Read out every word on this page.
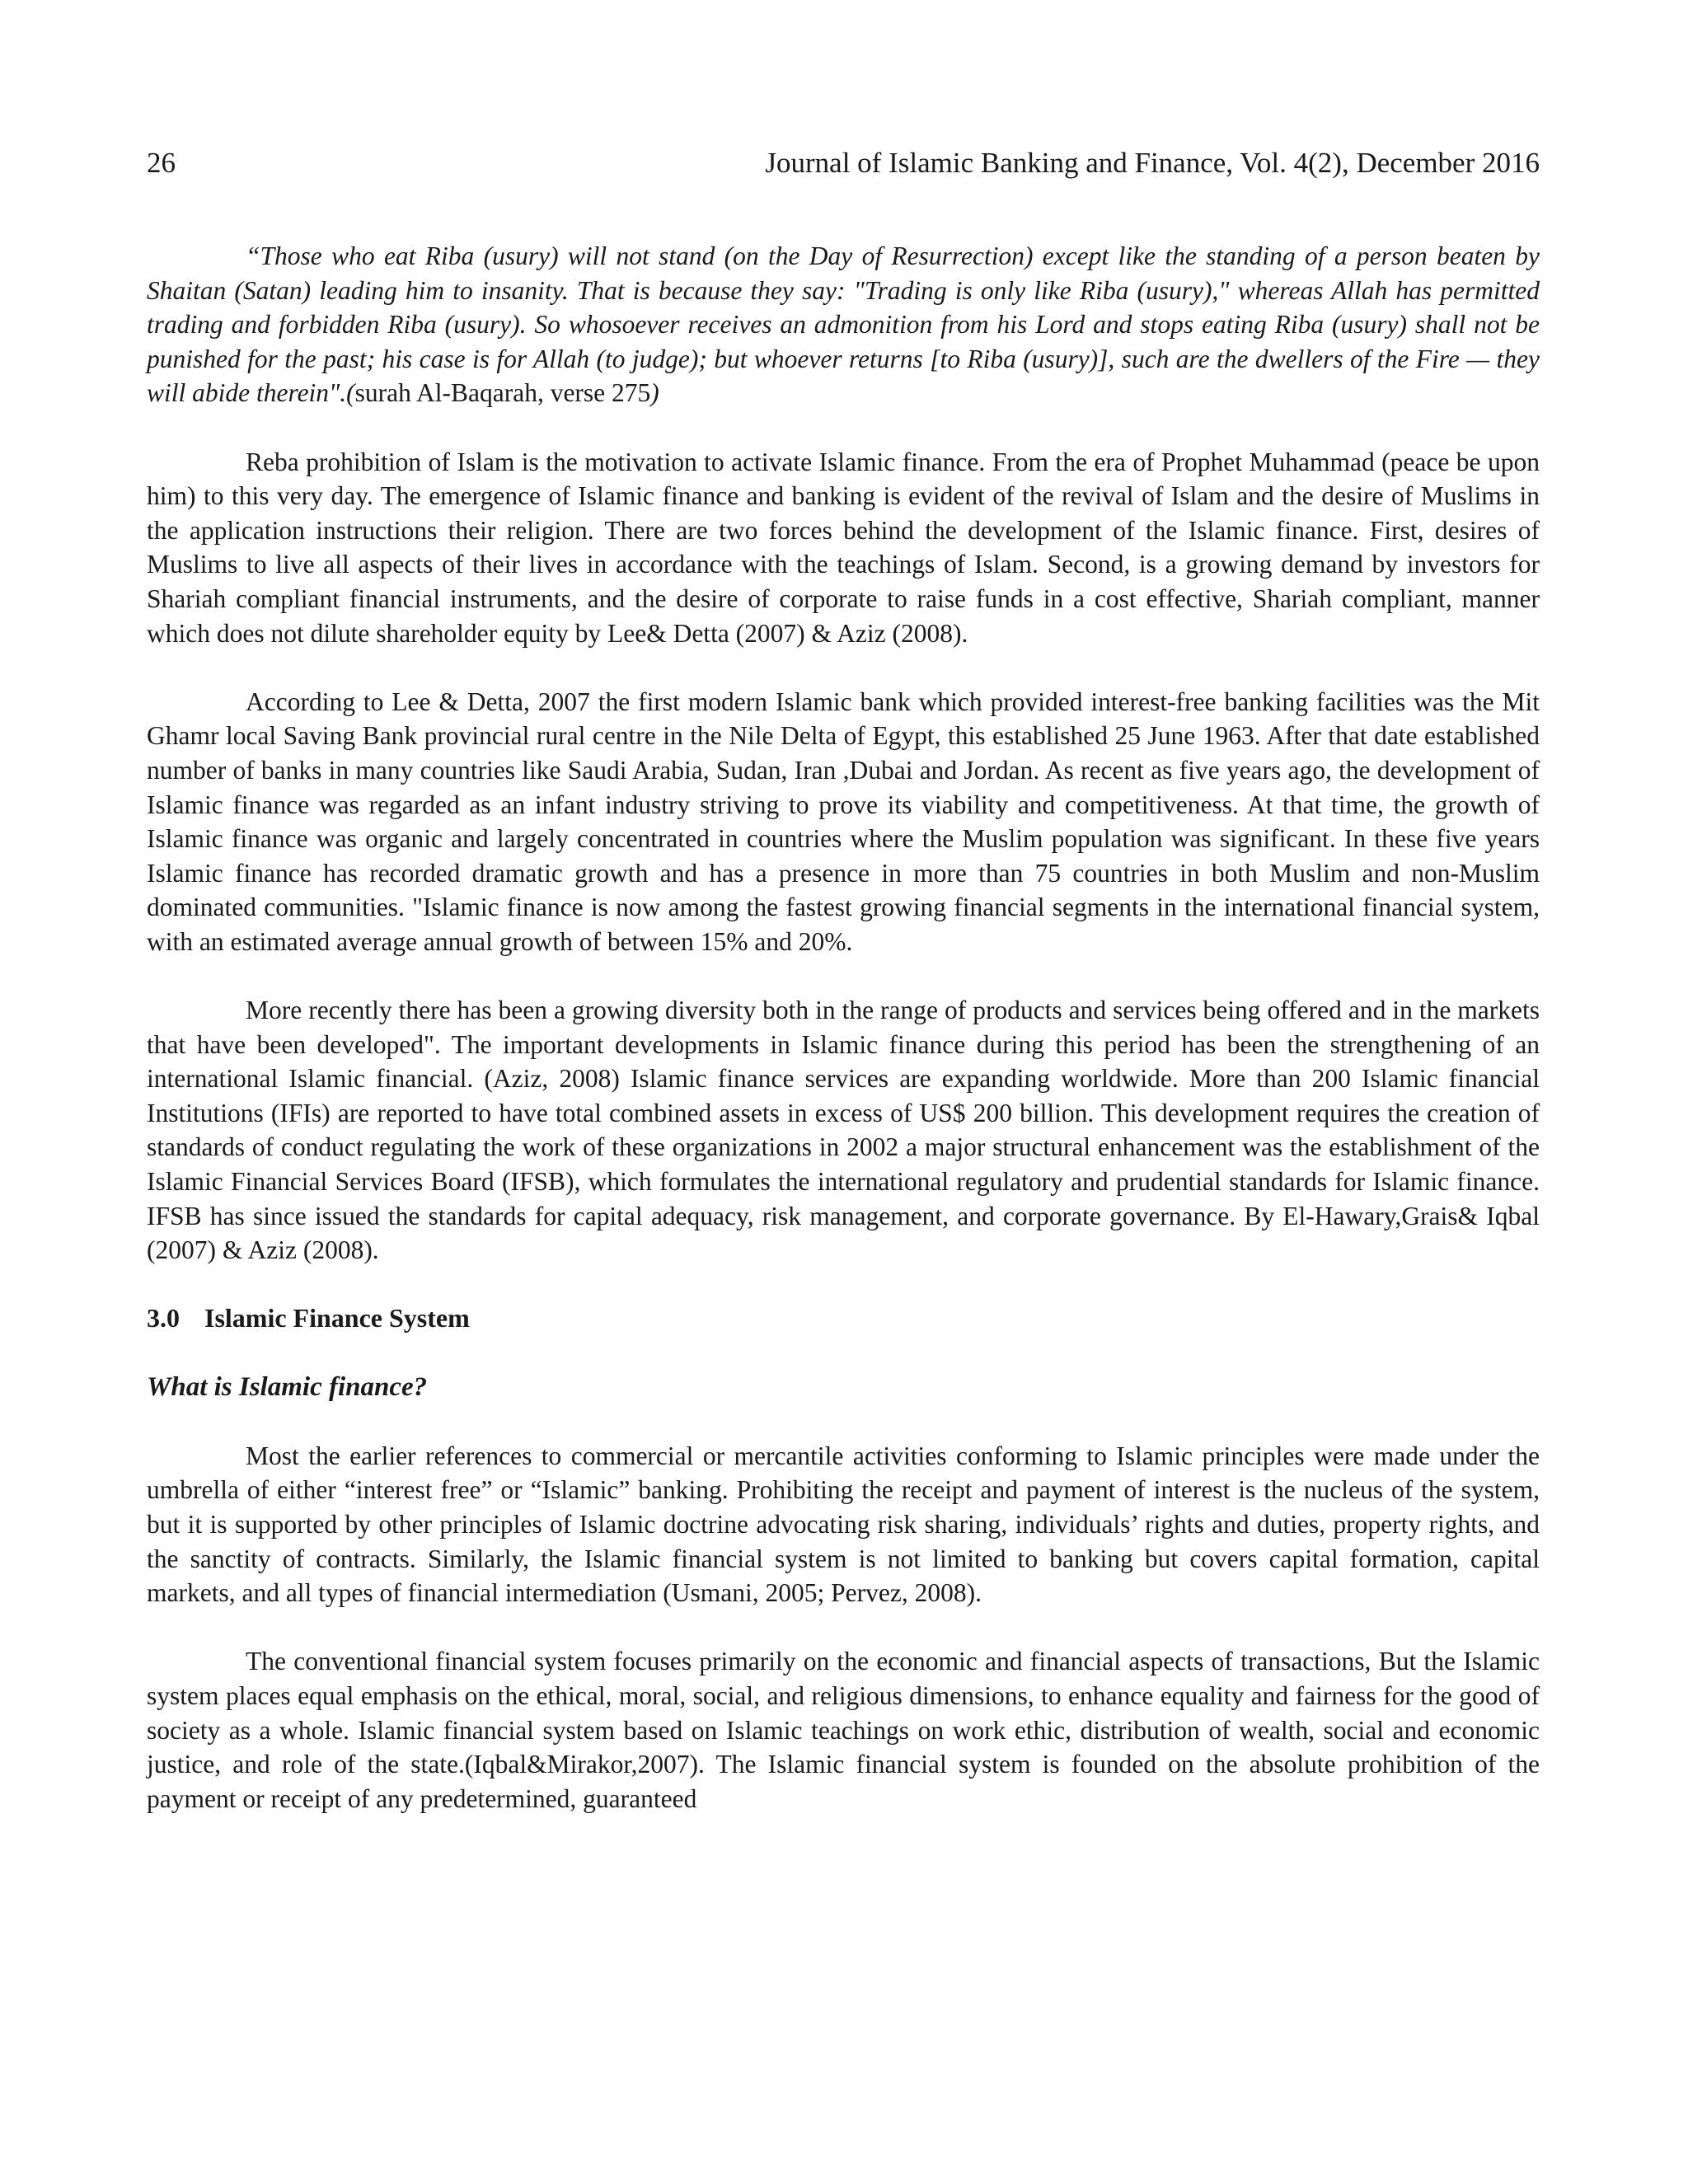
26	Journal of Islamic Banking and Finance, Vol. 4(2), December 2016

“Those who eat Riba (usury) will not stand (on the Day of Resurrection) except like the standing of a person beaten by Shaitan (Satan) leading him to insanity. That is because they say: "Trading is only like Riba (usury)," whereas Allah has permitted trading and forbidden Riba (usury). So whosoever receives an admonition from his Lord and stops eating Riba (usury) shall not be punished for the past; his case is for Allah (to judge); but whoever returns [to Riba (usury)], such are the dwellers of the Fire — they will abide therein".(surah Al-Baqarah, verse 275)

Reba prohibition of Islam is the motivation to activate Islamic finance. From the era of Prophet Muhammad (peace be upon him) to this very day. The emergence of Islamic finance and banking is evident of the revival of Islam and the desire of Muslims in the application instructions their religion. There are two forces behind the development of the Islamic finance. First, desires of Muslims to live all aspects of their lives in accordance with the teachings of Islam. Second, is a growing demand by investors for Shariah compliant financial instruments, and the desire of corporate to raise funds in a cost effective, Shariah compliant, manner which does not dilute shareholder equity by Lee& Detta (2007) & Aziz (2008).

According to Lee & Detta, 2007 the first modern Islamic bank which provided interest-free banking facilities was the Mit Ghamr local Saving Bank provincial rural centre in the Nile Delta of Egypt, this established 25 June 1963. After that date established number of banks in many countries like Saudi Arabia, Sudan, Iran ,Dubai and Jordan. As recent as five years ago, the development of Islamic finance was regarded as an infant industry striving to prove its viability and competitiveness. At that time, the growth of Islamic finance was organic and largely concentrated in countries where the Muslim population was significant. In these five years Islamic finance has recorded dramatic growth and has a presence in more than 75 countries in both Muslim and non-Muslim dominated communities. "Islamic finance is now among the fastest growing financial segments in the international financial system, with an estimated average annual growth of between 15% and 20%.

More recently there has been a growing diversity both in the range of products and services being offered and in the markets that have been developed". The important developments in Islamic finance during this period has been the strengthening of an international Islamic financial. (Aziz, 2008) Islamic finance services are expanding worldwide. More than 200 Islamic financial Institutions (IFIs) are reported to have total combined assets in excess of US$ 200 billion. This development requires the creation of standards of conduct regulating the work of these organizations in 2002 a major structural enhancement was the establishment of the Islamic Financial Services Board (IFSB), which formulates the international regulatory and prudential standards for Islamic finance. IFSB has since issued the standards for capital adequacy, risk management, and corporate governance. By El-Hawary,Grais& Iqbal (2007) & Aziz (2008).

3.0 Islamic Finance System
What is Islamic finance?

Most the earlier references to commercial or mercantile activities conforming to Islamic principles were made under the umbrella of either “interest free” or “Islamic” banking. Prohibiting the receipt and payment of interest is the nucleus of the system, but it is supported by other principles of Islamic doctrine advocating risk sharing, individuals’ rights and duties, property rights, and the sanctity of contracts. Similarly, the Islamic financial system is not limited to banking but covers capital formation, capital markets, and all types of financial intermediation (Usmani, 2005; Pervez, 2008).

The conventional financial system focuses primarily on the economic and financial aspects of transactions, But the Islamic system places equal emphasis on the ethical, moral, social, and religious dimensions, to enhance equality and fairness for the good of society as a whole. Islamic financial system based on Islamic teachings on work ethic, distribution of wealth, social and economic justice, and role of the state.(Iqbal&Mirakor,2007). The Islamic financial system is founded on the absolute prohibition of the payment or receipt of any predetermined, guaranteed
